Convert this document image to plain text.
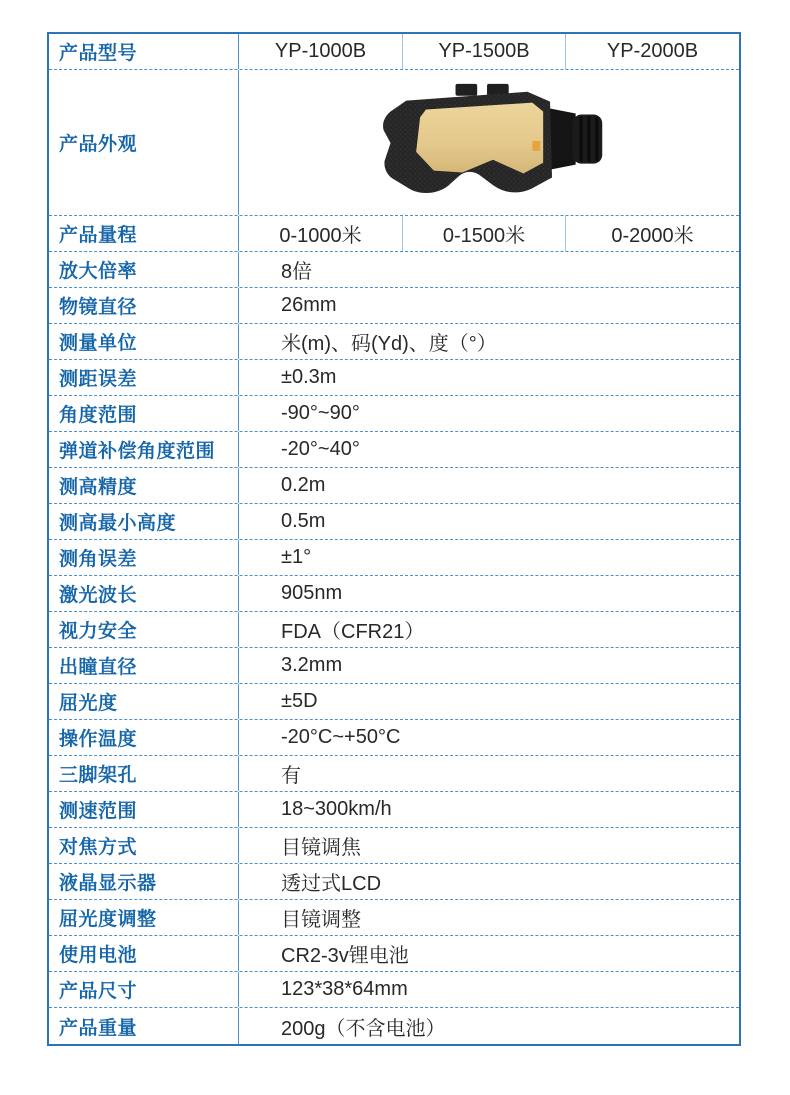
产品型号	YP-1000B	YP-1500B	YP-2000B
产品外观
产品量程	0-1000米	0-1500米	0-2000米
放大倍率	8倍
物镜直径	26mm
测量单位	米(m)、码(Yd)、度（°）
测距误差	±0.3m
角度范围	-90°~90°
弹道补偿角度范围	-20°~40°
测高精度	0.2m
测高最小高度	0.5m
测角误差	±1°
激光波长	905nm
视力安全	FDA（CFR21）
出瞳直径	3.2mm
屈光度	±5D
操作温度	-20°C~+50°C
三脚架孔	有
测速范围	18~300km/h
对焦方式	目镜调焦
液晶显示器	透过式LCD
屈光度调整	目镜调整
使用电池	CR2-3v锂电池
产品尺寸	123*38*64mm
产品重量	200g（不含电池）
